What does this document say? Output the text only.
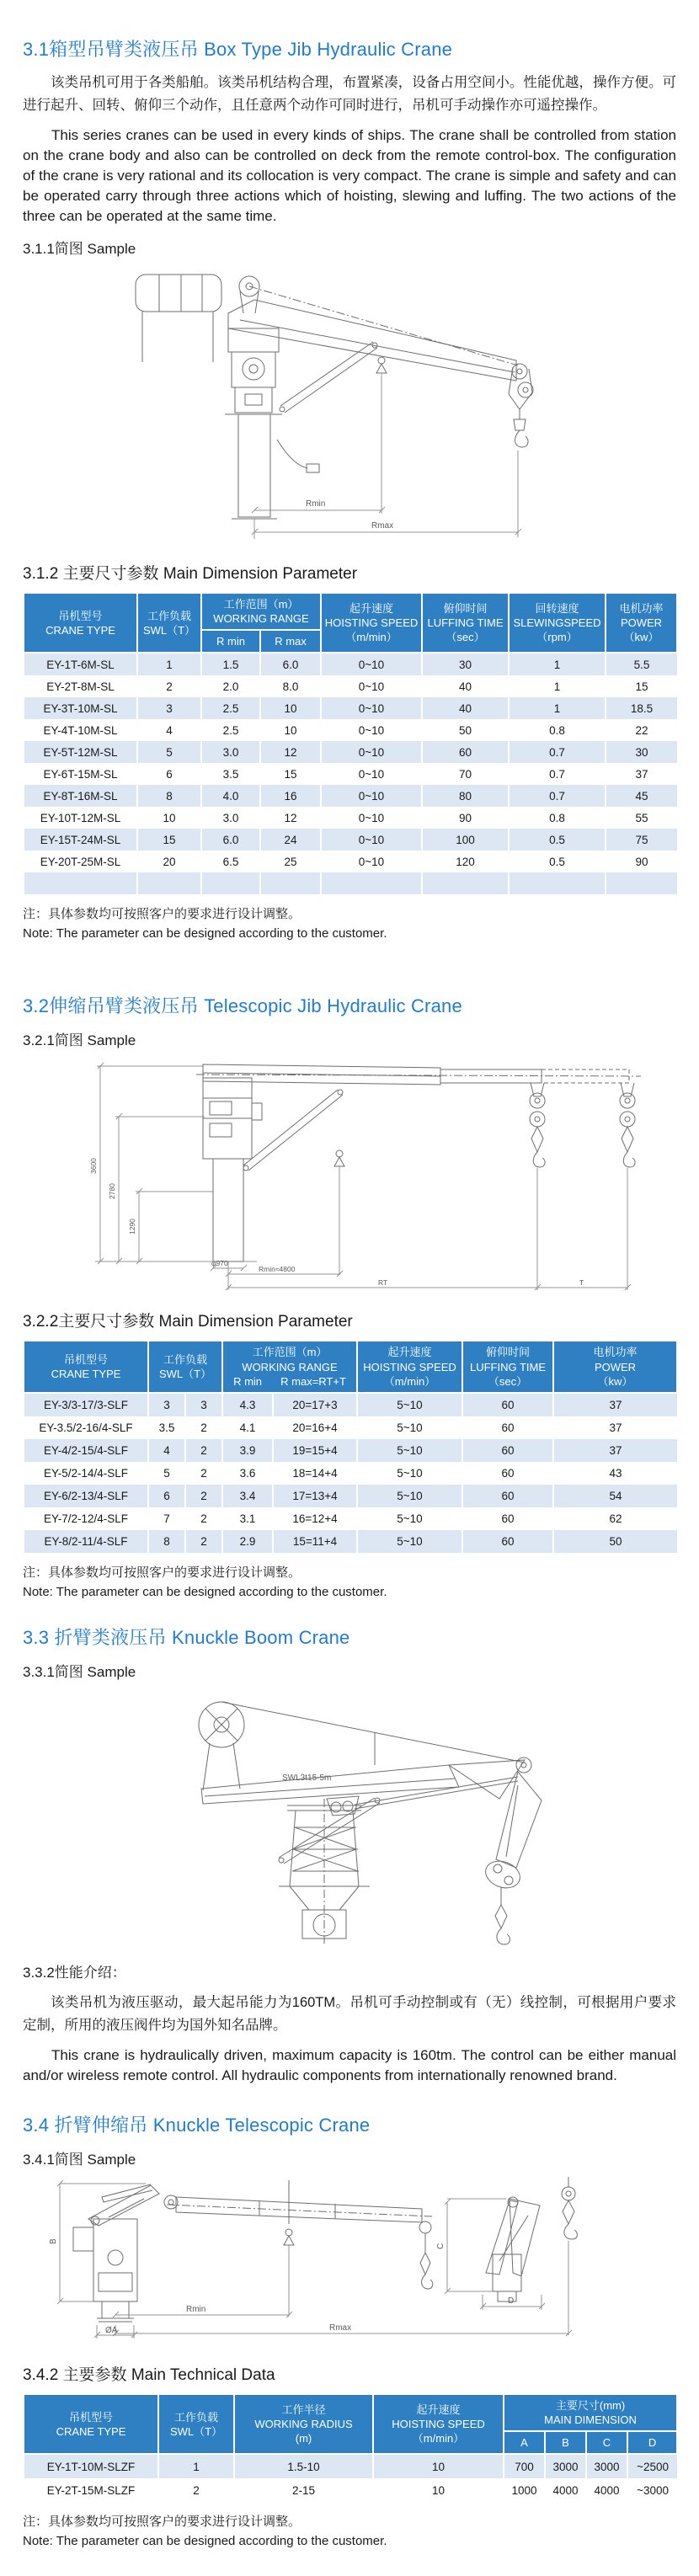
3.1箱型吊臂类液压吊 Box Type Jib Hydraulic Crane

该类吊机可用于各类船舶。该类吊机结构合理，布置紧凑，设备占用空间小。性能优越，操作方便。可进行起升、回转、俯仰三个动作，且任意两个动作可同时进行，吊机可手动操作亦可遥控操作。

This series cranes can be used in every kinds of ships. The crane shall be controlled from station on the crane body and also can be controlled on deck from the remote control-box. The configuration of the crane is very rational and its collocation is very compact. The crane is simple and safety and can be operated carry through three actions which of hoisting, slewing and luffing. The two actions of the three can be operated at the same time.

3.1.1简图 Sample
Rmin
Rmax
3.1.2 主要尺寸参数 Main Dimension Parameter
吊机型号
CRANE TYPE

工作负载
SWL（T）

工作范围（m）
WORKING RANGE

起升速度
HOISTING SPEED
（m/min）

俯仰时间
LUFFING TIME
（sec）

回转速度
SLEWINGSPEED
（rpm）

电机功率
POWER
（kw）

		R min	R max				
EY-1T-6M-SL	1	1.5	6.0	0~10	30	1	5.5
EY-2T-8M-SL	2	2.0	8.0	0~10	40	1	15
EY-3T-10M-SL	3	2.5	10	0~10	40	1	18.5
EY-4T-10M-SL	4	2.5	10	0~10	50	0.8	22
EY-5T-12M-SL	5	3.0	12	0~10	60	0.7	30
EY-6T-15M-SL	6	3.5	15	0~10	70	0.7	37
EY-8T-16M-SL	8	4.0	16	0~10	80	0.7	45
EY-10T-12M-SL	10	3.0	12	0~10	90	0.8	55
EY-15T-24M-SL	15	6.0	24	0~10	100	0.5	75
EY-20T-25M-SL	20	6.5	25	0~10	120	0.5	90

注：具体参数均可按照客户的要求进行设计调整。

Note: The parameter can be designed according to the customer.

3.2伸缩吊臂类液压吊 Telescopic Jib Hydraulic Crane
3.2.1简图 Sample
3600
2780
1290
φ970
Rmin≈4800
RT	T
3.2.2主要尺寸参数 Main Dimension Parameter
吊机型号
CRANE TYPE

工作负载
SWL（T）

工作范围（m）
WORKING RANGE
R min R max=RT+T

起升速度
HOISTING SPEED
（m/min）

俯仰时间
LUFFING TIME
（sec）

电机功率
POWER
（kw）

EY-3/3-17/3-SLF	3	3	4.3	20=17+3	5~10	60	37
EY-3.5/2-16/4-SLF	3.5	2	4.1	20=16+4	5~10	60	37
EY-4/2-15/4-SLF	4	2	3.9	19=15+4	5~10	60	37
EY-5/2-14/4-SLF	5	2	3.6	18=14+4	5~10	60	43
EY-6/2-13/4-SLF	6	2	3.4	17=13+4	5~10	60	54
EY-7/2-12/4-SLF	7	2	3.1	16=12+4	5~10	60	62
EY-8/2-11/4-SLF	8	2	2.9	15=11+4	5~10	60	50

注：具体参数均可按照客户的要求进行设计调整。

Note: The parameter can be designed according to the customer.

3.3 折臂类液压吊 Knuckle Boom Crane
3.3.1简图 Sample
SWL3t15-5m
3.3.2性能介绍：

该类吊机为液压驱动，最大起吊能力为160TM。吊机可手动控制或有（无）线控制，可根据用户要求定制，所用的液压阀件均为国外知名品牌。

This crane is hydraulically driven, maximum capacity is 160tm. The control can be either manual and/or wireless remote control. All hydraulic components from internationally renowned brand.

3.4 折臂伸缩吊 Knuckle Telescopic Crane
3.4.1简图 Sample
B
ØA
C
D
Rmin
Rmax
3.4.2 主要参数 Main Technical Data
吊机型号
CRANE TYPE

工作负载
SWL（T）

工作半径
WORKING RADIUS
(m)

起升速度
HOISTING SPEED
（m/min）

主要尺寸(mm)
MAIN DIMENSION

				A	B	C	D
EY-1T-10M-SLZF	1	1.5-10	10	700	3000	3000	~2500
EY-2T-15M-SLZF	2	2-15	10	1000	4000	4000	~3000

注：具体参数均可按照客户的要求进行设计调整。

Note: The parameter can be designed according to the customer.
